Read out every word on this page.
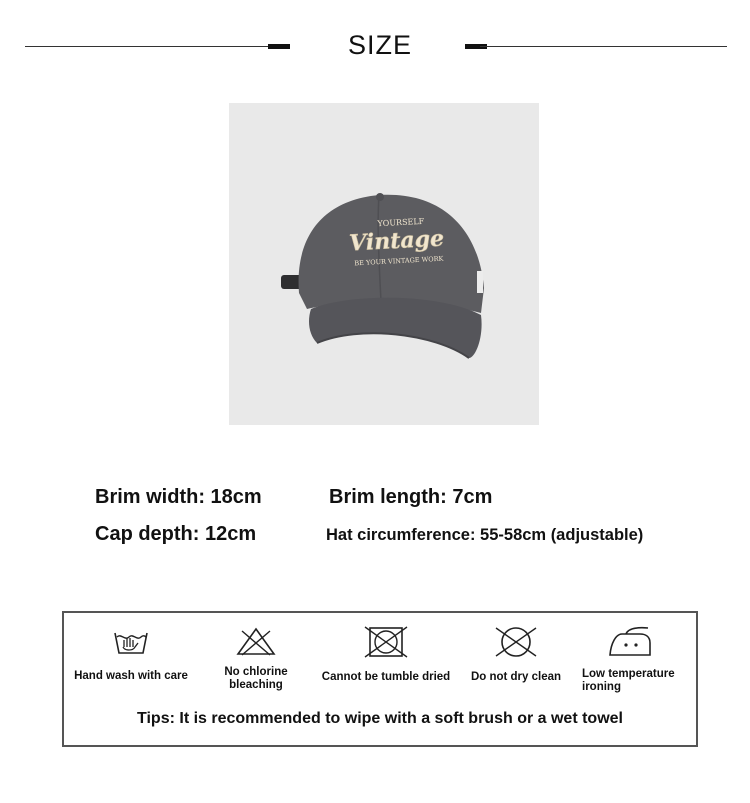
SIZE
YOURSELF
Vintage
BE YOUR VINTAGE WORK
Brim width: 18cm	Brim length: 7cm
Cap depth: 12cm	Hat circumference: 55-58cm (adjustable)
Hand wash with care	No chlorine
bleaching
Cannot be tumble dried	Do not dry clean	Low temperature
ironing
Tips: It is recommended to wipe with a soft brush or a wet towel
